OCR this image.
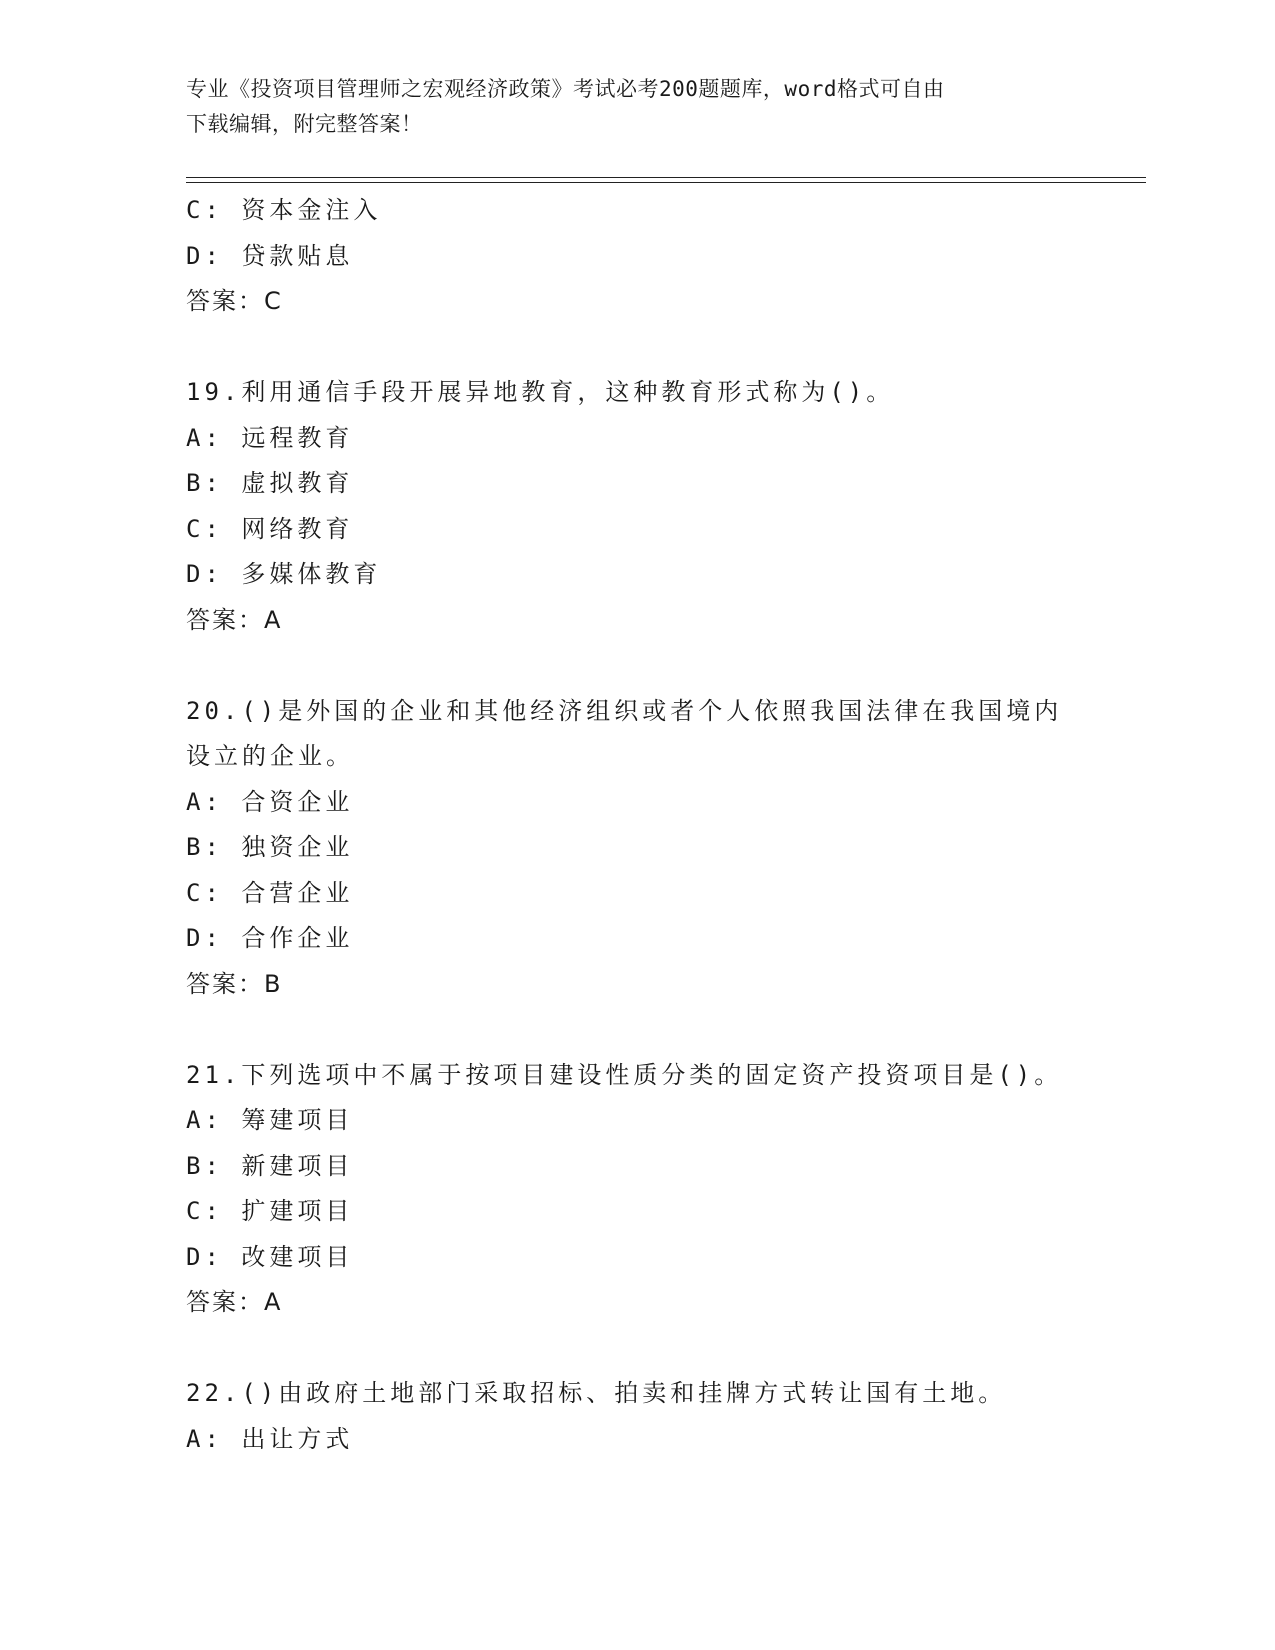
专业《投资项目管理师之宏观经济政策》考试必考200题题库，word格式可自由
下载编辑，附完整答案！
C: 资本金注入
D: 贷款贴息
答案：C
19.利用通信手段开展异地教育，这种教育形式称为()。
A: 远程教育
B: 虚拟教育
C: 网络教育
D: 多媒体教育
答案：A
20.()是外国的企业和其他经济组织或者个人依照我国法律在我国境内设立的企业。
A: 合资企业
B: 独资企业
C: 合营企业
D: 合作企业
答案：B
21.下列选项中不属于按项目建设性质分类的固定资产投资项目是()。
A: 筹建项目
B: 新建项目
C: 扩建项目
D: 改建项目
答案：A
22.()由政府土地部门采取招标、拍卖和挂牌方式转让国有土地。
A: 出让方式
